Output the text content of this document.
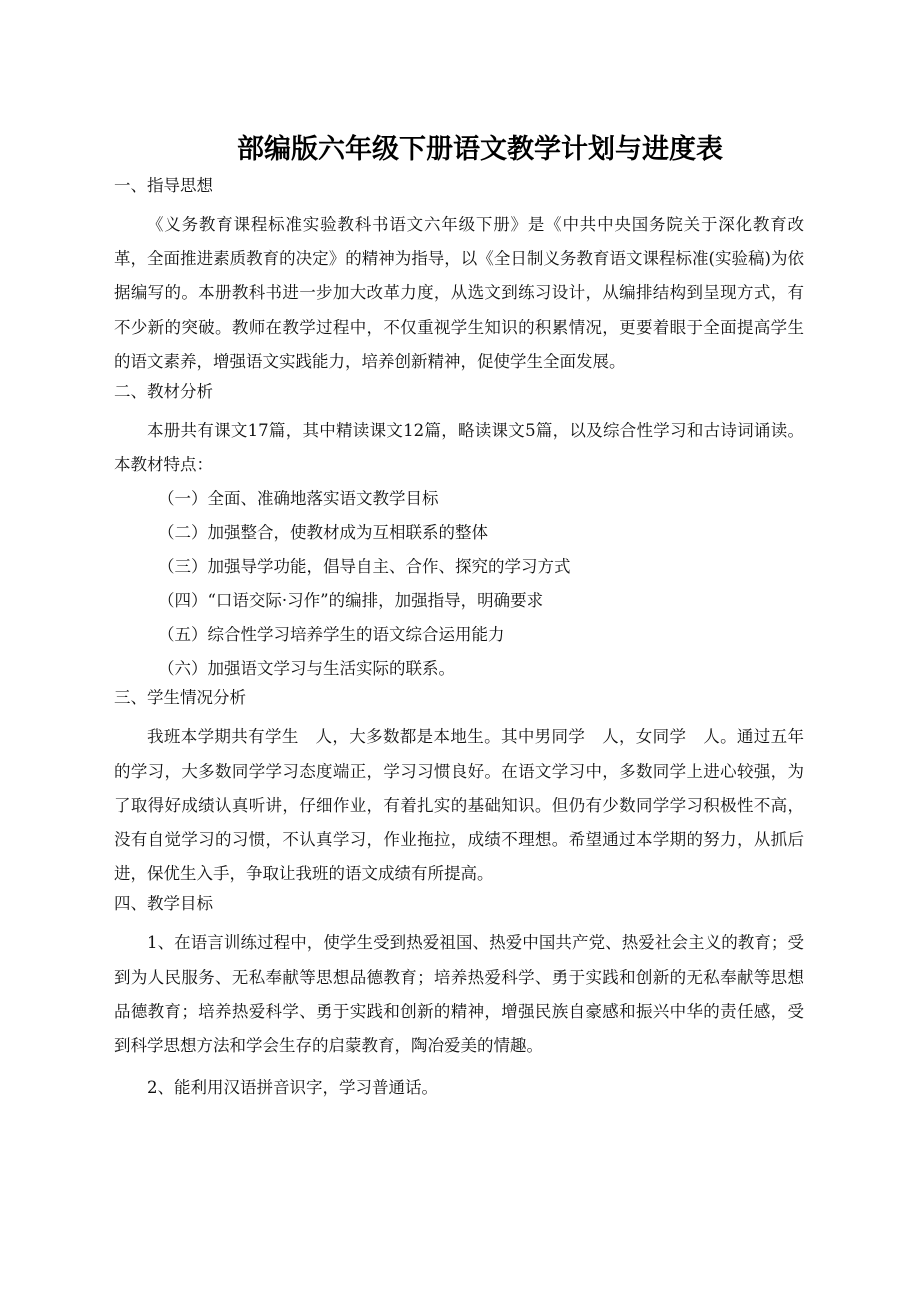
部编版六年级下册语文教学计划与进度表
一、指导思想

《义务教育课程标准实验教科书语文六年级下册》是《中共中央国务院关于深化教育改革，全面推进素质教育的决定》的精神为指导，以《全日制义务教育语文课程标准(实验稿)为依据编写的。本册教科书进一步加大改革力度，从选文到练习设计，从编排结构到呈现方式，有不少新的突破。教师在教学过程中，不仅重视学生知识的积累情况，更要着眼于全面提高学生的语文素养，增强语文实践能力，培养创新精神，促使学生全面发展。

二、教材分析

本册共有课文17篇，其中精读课文12篇，略读课文5篇，以及综合性学习和古诗词诵读。本教材特点：

（一）全面、准确地落实语文教学目标
（二）加强整合，使教材成为互相联系的整体
（三）加强导学功能，倡导自主、合作、探究的学习方式
（四）“口语交际·习作”的编排，加强指导，明确要求
（五）综合性学习培养学生的语文综合运用能力
（六）加强语文学习与生活实际的联系。
三、学生情况分析

我班本学期共有学生　人，大多数都是本地生。其中男同学　人，女同学　人。通过五年的学习，大多数同学学习态度端正，学习习惯良好。在语文学习中，多数同学上进心较强，为了取得好成绩认真听讲，仔细作业，有着扎实的基础知识。但仍有少数同学学习积极性不高，没有自觉学习的习惯，不认真学习，作业拖拉，成绩不理想。希望通过本学期的努力，从抓后进，保优生入手，争取让我班的语文成绩有所提高。

四、教学目标

1、在语言训练过程中，使学生受到热爱祖国、热爱中国共产党、热爱社会主义的教育；受到为人民服务、无私奉献等思想品德教育；培养热爱科学、勇于实践和创新的无私奉献等思想品德教育；培养热爱科学、勇于实践和创新的精神，增强民族自豪感和振兴中华的责任感，受到科学思想方法和学会生存的启蒙教育，陶冶爱美的情趣。

2、能利用汉语拼音识字，学习普通话。
